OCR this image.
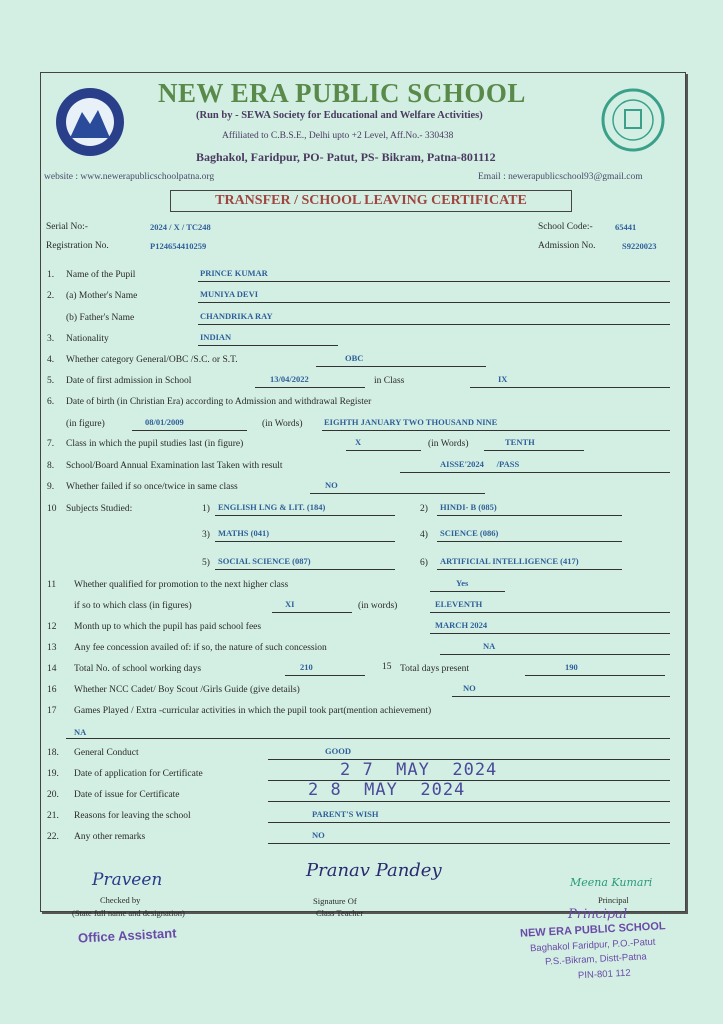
NEW ERA PUBLIC SCHOOL
(Run by - SEWA Society for Educational and Welfare Activities)
Affiliated to C.B.S.E., Delhi upto +2 Level, Aff.No.- 330438
Baghakol, Faridpur, PO- Patut, PS- Bikram, Patna-801112
website : www.newerapublicschoolpatna.org	Email : newerapublicschool93@gmail.com
TRANSFER / SCHOOL LEAVING CERTIFICATE
Serial No:-	2024 / X / TC248
Registration No.	P124654410259
School Code:-	65441
Admission No.	S9220023
1. Name of the Pupil	PRINCE KUMAR
2. (a) Mother's Name	MUNIYA DEVI
(b) Father's Name	CHANDRIKA RAY
3. Nationality	INDIAN
4. Whether category General/OBC /S.C. or S.T.	OBC
5. Date of first admission in School	13/04/2022	in Class	IX
6. Date of birth (in Christian Era) according to Admission and withdrawal Register
(in figure)	08/01/2009	(in Words)	EIGHTH JANUARY TWO THOUSAND NINE
7. Class in which the pupil studies last (in figure)	X	(in Words)	TENTH
8. School/Board Annual Examination last Taken with result	AISSE'2024      /PASS
9. Whether failed if so once/twice in same class	NO
10 Subjects Studied:	1) ENGLISH LNG & LIT. (184)	2) HINDI- B (085)
3) MATHS (041)	4) SCIENCE (086)
5) SOCIAL SCIENCE (087)	6) ARTIFICIAL INTELLIGENCE (417)
11 Whether qualified for promotion to the next higher class	Yes
if so to which class (in figures)	XI	(in words)	ELEVENTH
12 Month up to which the pupil has paid school fees	MARCH 2024
13 Any fee concession availed of: if so, the nature of such concession	NA
14 Total No. of school working days	210	15 Total days present	190
16 Whether NCC Cadet/ Boy Scout /Girls Guide (give details)	NO
17 Games Played / Extra -curricular activities in which the pupil took part(mention achievement)
NA
18. General Conduct	GOOD
19. Date of application for Certificate	2 7  MAY  2024
20. Date of issue for Certificate	2 8  MAY  2024
21. Reasons for leaving the school	PARENT'S WISH
22. Any other remarks	NO
Praveen
Checked by
(State full name and designation)
Office Assistant
Pranav Pandey
Signature Of
Class Teacher
Meena Kumari
Principal
Principal
NEW ERA PUBLIC SCHOOL
Baghakol Faridpur, P.O.-Patut
P.S.-Bikram, Distt-Patna
PIN-801 112
